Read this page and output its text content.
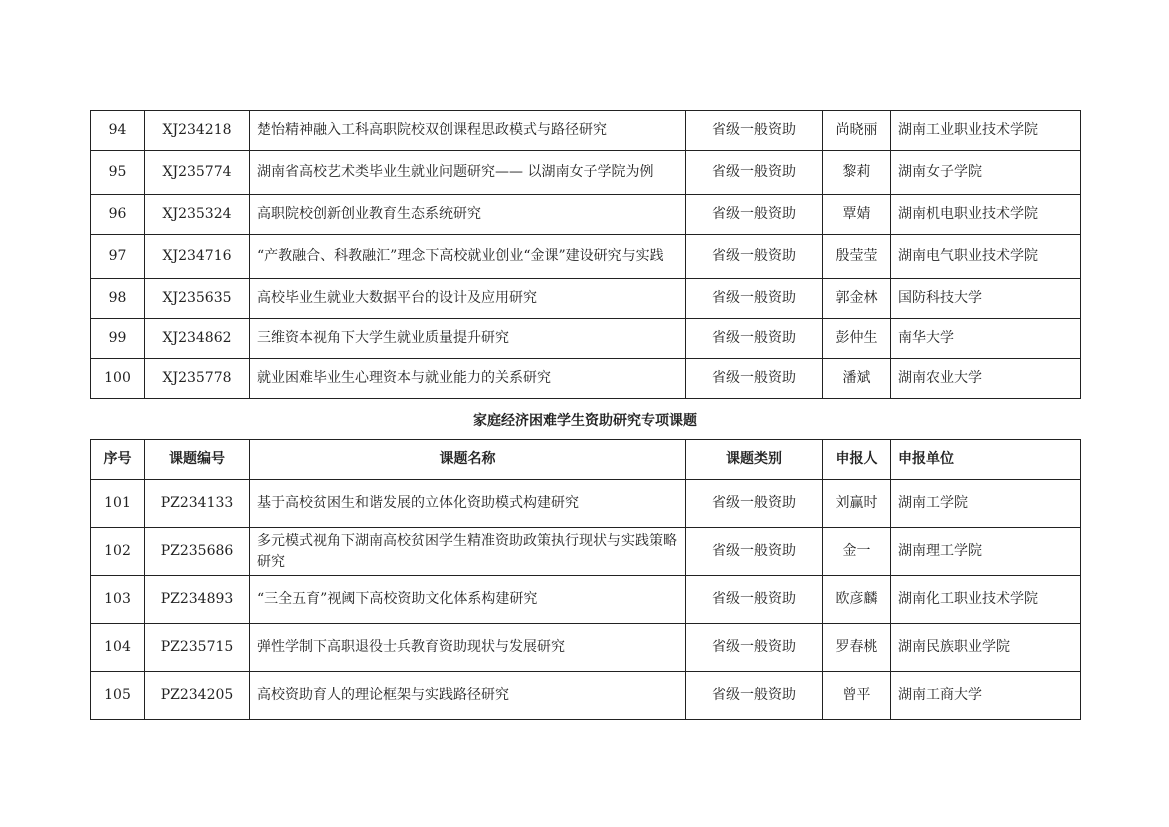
94	XJ234218	楚怡精神融入工科高职院校双创课程思政模式与路径研究	省级一般资助	尚晓丽	湖南工业职业技术学院
95	XJ235774	湖南省高校艺术类毕业生就业问题研究—— 以湖南女子学院为例	省级一般资助	黎莉	湖南女子学院
96	XJ235324	高职院校创新创业教育生态系统研究	省级一般资助	覃婧	湖南机电职业技术学院
97	XJ234716	“产教融合、科教融汇”理念下高校就业创业“金课”建设研究与实践	省级一般资助	殷莹莹	湖南电气职业技术学院
98	XJ235635	高校毕业生就业大数据平台的设计及应用研究	省级一般资助	郭金林	国防科技大学
99	XJ234862	三维资本视角下大学生就业质量提升研究	省级一般资助	彭仲生	南华大学
100	XJ235778	就业困难毕业生心理资本与就业能力的关系研究	省级一般资助	潘斌	湖南农业大学
家庭经济困难学生资助研究专项课题
序号	课题编号	课题名称	课题类别	申报人	申报单位
101	PZ234133	基于高校贫困生和谐发展的立体化资助模式构建研究	省级一般资助	刘赢时	湖南工学院
102	PZ235686	多元模式视角下湖南高校贫困学生精准资助政策执行现状与实践策略研究	省级一般资助	金一	湖南理工学院
103	PZ234893	“三全五育”视阈下高校资助文化体系构建研究	省级一般资助	欧彦麟	湖南化工职业技术学院
104	PZ235715	弹性学制下高职退役士兵教育资助现状与发展研究	省级一般资助	罗春桃	湖南民族职业学院
105	PZ234205	高校资助育人的理论框架与实践路径研究	省级一般资助	曾平	湖南工商大学
